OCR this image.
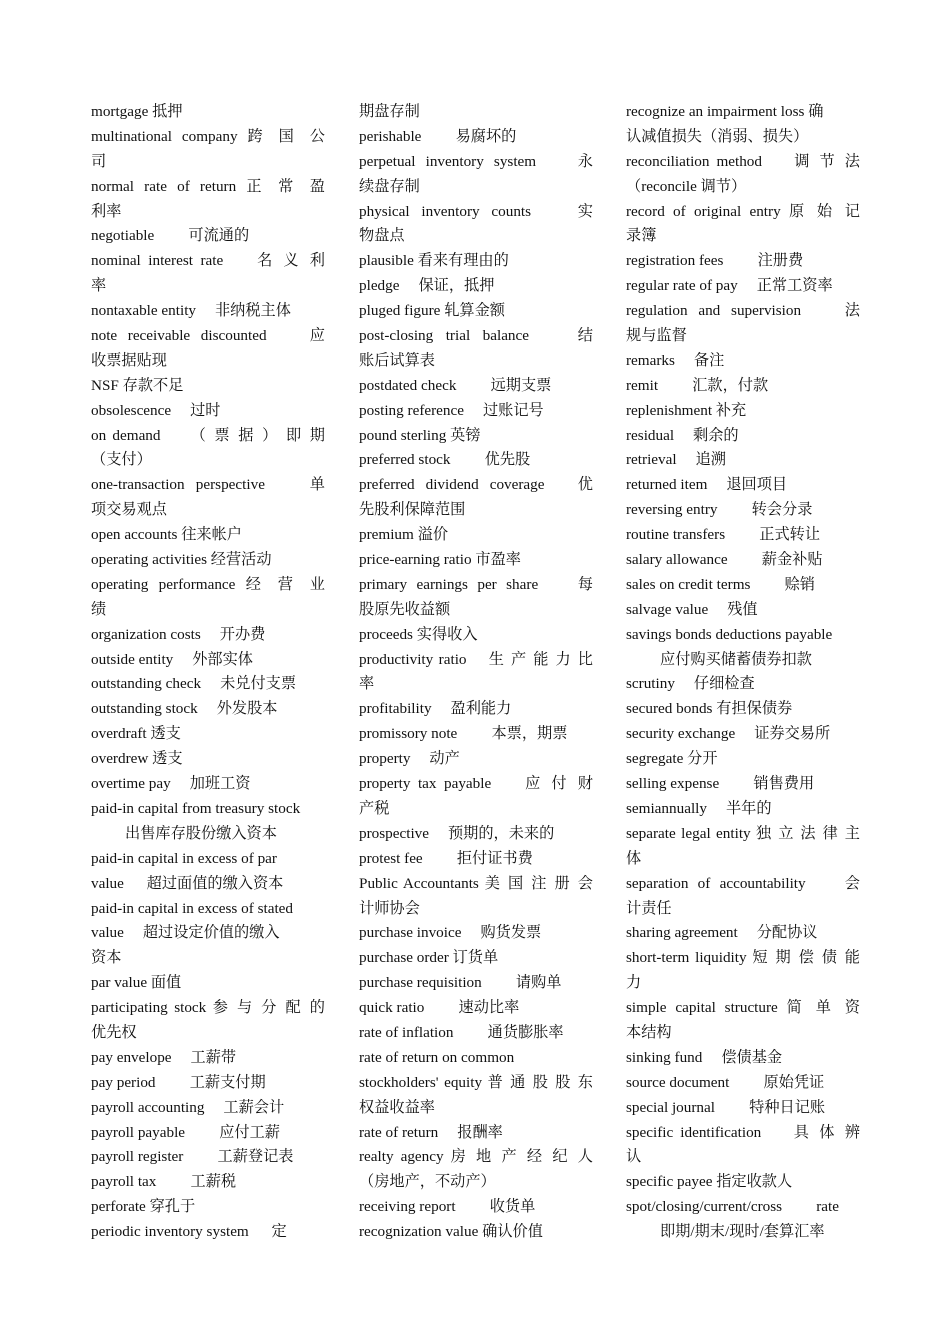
mortgage 抵押
multinational company 跨 国 公
司
normal rate of return 正 常 盈
利率
negotiable 　　可流通的
nominal interest rate 　 名 义 利
率
nontaxable entity 　非纳税主体
note receivable discounted 　 应
收票据贴现
NSF 存款不足
obsolescence 　过时
on demand 　 （ 票 据 ） 即 期
（支付）
one-transaction perspective 　 单
项交易观点
open accounts 往来帐户
operating activities 经营活动
operating performance 经 营 业
绩
organization costs 　开办费
outside entity 　外部实体
outstanding check 　未兑付支票
outstanding stock 　外发股本
overdraft 透支
overdrew 透支
overtime pay 　加班工资
paid-in capital from treasury stock
出售库存股份缴入资本
paid-in capital in excess of par
value 　 超过面值的缴入资本
paid-in capital in excess of stated
value 　超过设定价值的缴入
资本
par value 面值
participating stock 参 与 分 配 的
优先权
pay envelope 　工薪带
pay period 　　工薪支付期
payroll accounting 　工薪会计
payroll payable 　　应付工薪
payroll register 　　工薪登记表
payroll tax 　　工薪税
perforate 穿孔于
periodic inventory system 　 定
期盘存制
perishable 　　易腐坏的
perpetual inventory system 　 永
续盘存制
physical inventory counts 　 实
物盘点
plausible 看来有理由的
pledge 　保证，抵押
pluged figure 轧算金额
post-closing trial balance 　 结
账后试算表
postdated check 　　远期支票
posting reference 　过账记号
pound sterling 英镑
preferred stock 　　优先股
preferred dividend coverage 　优
先股利保障范围
premium 溢价
price-earning ratio 市盈率
primary earnings per share 　 每
股原先收益额
proceeds 实得收入
productivity ratio 　生 产 能 力 比
率
profitability 　盈利能力
promissory note 　　本票，期票
property 　动产
property tax payable 　 应 付 财
产税
prospective 　预期的，未来的
protest fee 　　拒付证书费
Public Accountants 美 国 注 册 会
计师协会
purchase invoice 　购货发票
purchase order 订货单
purchase requisition 　　请购单
quick ratio 　　速动比率
rate of inflation 　　通货膨胀率
rate of return on common
stockholders' equity 普 通 股 股 东
权益收益率
rate of return 　报酬率
realty agency 房 地 产 经 纪 人
（房地产，不动产）
receiving report 　　收货单
recognization value 确认价值
recognize an impairment loss 确
认减值损失（消弱、损失）
reconciliation method 　 调 节 法
（reconcile 调节）
record of original entry 原 始 记
录簿
registration fees 　　注册费
regular rate of pay 　正常工资率
regulation and supervision 　 法
规与监督
remarks 　备注
remit 　　汇款，付款
replenishment 补充
residual 　剩余的
retrieval 　追溯
returned item 　退回项目
reversing entry 　　转会分录
routine transfers 　　正式转让
salary allowance 　　薪金补贴
sales on credit terms 　　赊销
salvage value 　残值
savings bonds deductions payable
应付购买储蓄债券扣款
scrutiny 　仔细检查
secured bonds 有担保债券
security exchange 　证券交易所
segregate 分开
selling expense 　　销售费用
semiannually 　半年的
separate legal entity 独 立 法 律 主
体
separation of accountability 　 会
计责任
sharing agreement 　分配协议
short-term liquidity 短 期 偿 债 能
力
simple capital structure 简 单 资
本结构
sinking fund 　偿债基金
source document 　　原始凭证
special journal 　　特种日记账
specific identification 　 具 体 辨
认
specific payee 指定收款人
spot/closing/current/cross 　　rate
即期/期末/现时/套算汇率
